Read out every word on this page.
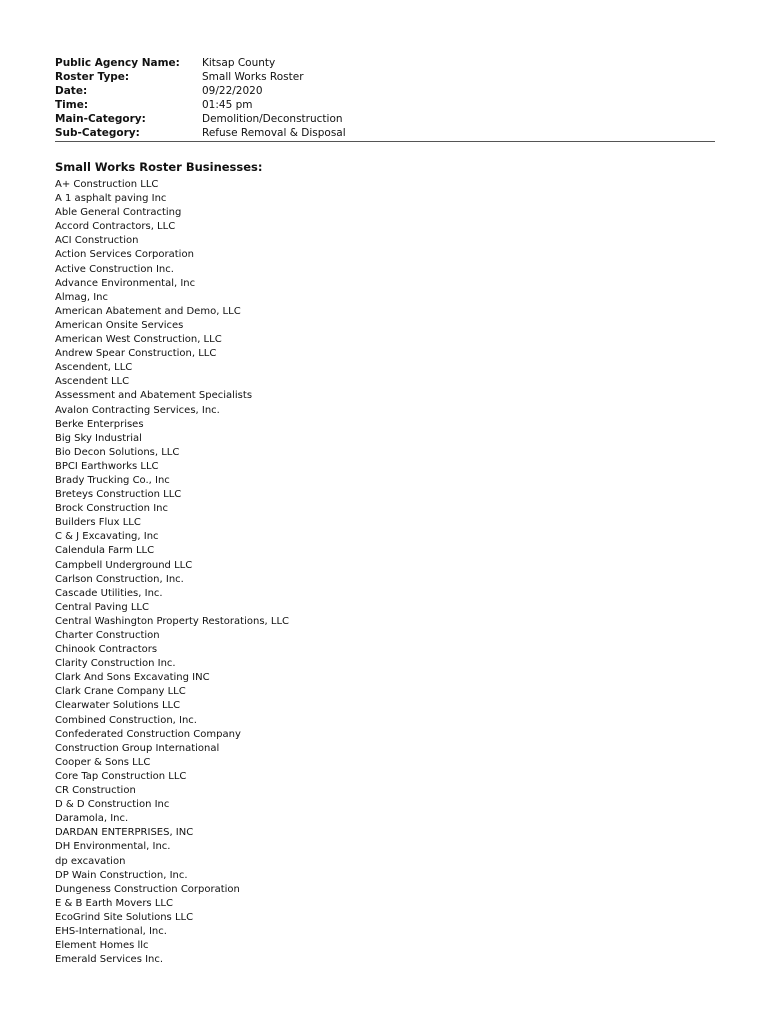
Public Agency Name:	Kitsap County
Roster Type:	Small Works Roster
Date:	09/22/2020
Time:	01:45 pm
Main-Category:	Demolition/Deconstruction
Sub-Category:	Refuse Removal & Disposal
Small Works Roster Businesses:
A+ Construction LLC
A 1 asphalt paving Inc
Able General Contracting
Accord Contractors, LLC
ACI Construction
Action Services Corporation
Active Construction Inc.
Advance Environmental, Inc
Almag, Inc
American Abatement and Demo, LLC
American Onsite Services
American West Construction, LLC
Andrew Spear Construction, LLC
Ascendent, LLC
Ascendent LLC
Assessment and Abatement Specialists
Avalon Contracting Services, Inc.
Berke Enterprises
Big Sky Industrial
Bio Decon Solutions, LLC
BPCI Earthworks LLC
Brady Trucking Co., Inc
Breteys Construction LLC
Brock Construction Inc
Builders Flux LLC
C & J Excavating, Inc
Calendula Farm LLC
Campbell Underground LLC
Carlson Construction, Inc.
Cascade Utilities, Inc.
Central Paving LLC
Central Washington Property Restorations, LLC
Charter Construction
Chinook Contractors
Clarity Construction Inc.
Clark And Sons Excavating INC
Clark Crane Company LLC
Clearwater Solutions LLC
Combined Construction, Inc.
Confederated Construction Company
Construction Group International
Cooper & Sons LLC
Core Tap Construction LLC
CR Construction
D & D Construction Inc
Daramola, Inc.
DARDAN ENTERPRISES, INC
DH Environmental, Inc.
dp excavation
DP Wain Construction, Inc.
Dungeness Construction Corporation
E & B Earth Movers LLC
EcoGrind Site Solutions LLC
EHS-International, Inc.
Element Homes llc
Emerald Services Inc.
